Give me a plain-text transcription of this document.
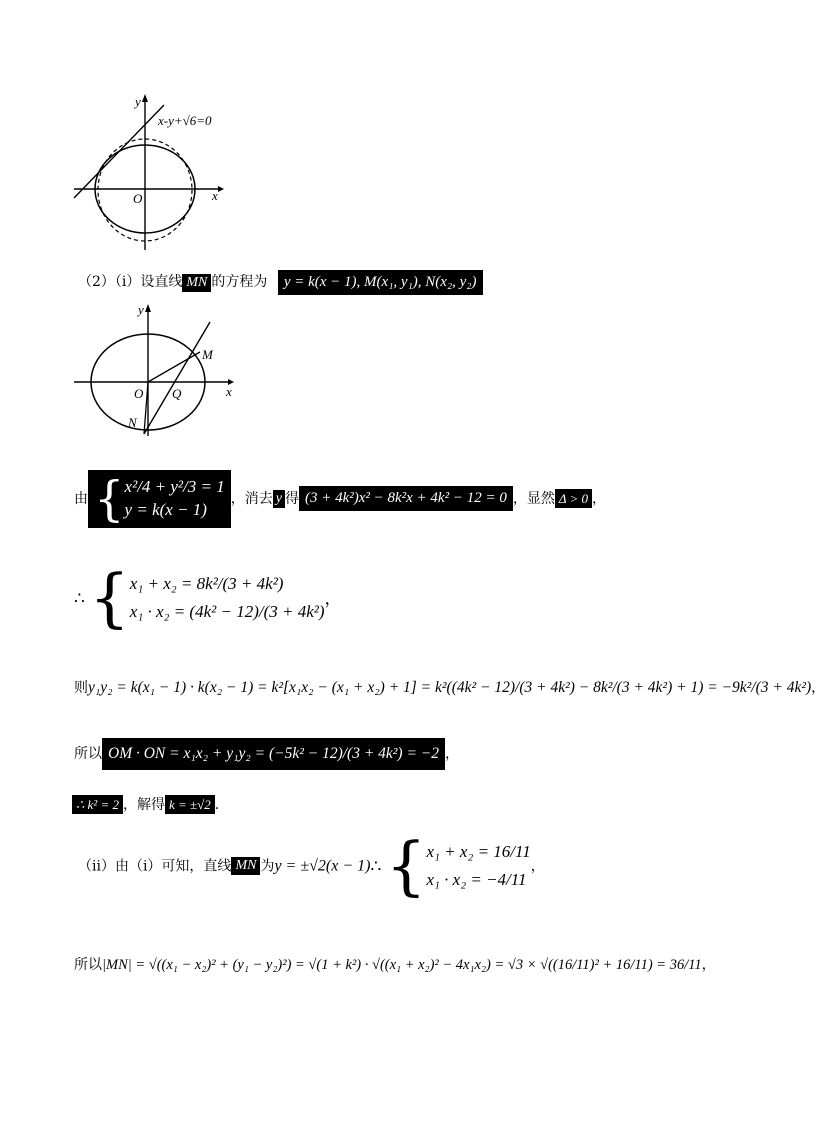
y
x
O
x-y+√6=0
（2）（i）设直线 MN 的方程为 y = k(x − 1), M(x₁, y₁), N(x₂, y₂)
y
x
O Q
M
N
由 { x²/4 + y²/3 = 1
y = k(x − 1)
，消去 y 得 (3 + 4k²)x² − 8k²x + 4k² − 12 = 0 ，显然 Δ > 0 ，
∴ { x₁ + x₂ = 8k²/(3 + 4k²)
x₁ · x₂ = (4k² − 12)/(3 + 4k²)
，
则y₁y₂ = k(x₁ − 1) · k(x₂ − 1) = k²[x₁x₂ − (x₁ + x₂) + 1] = k²((4k² − 12)/(3 + 4k²) − 8k²/(3 + 4k²) + 1) = −9k²/(3 + 4k²)，
所以 OM · ON = x₁x₂ + y₁y₂ = (−5k² − 12)/(3 + 4k²) = −2 ，
∴ k² = 2 ，解得 k = ±√2 .
（ii）由（i）可知，直线 MN 为y = ±√2(x − 1)∴ { x₁ + x₂ = 16/11
x₁ · x₂ = −4/11
，
所以|MN| = √((x₁ − x₂)² + (y₁ − y₂)²) = √(1 + k²) · √((x₁ + x₂)² − 4x₁x₂) = √3 × √((16/11)² + 16/11) = 36/11，
